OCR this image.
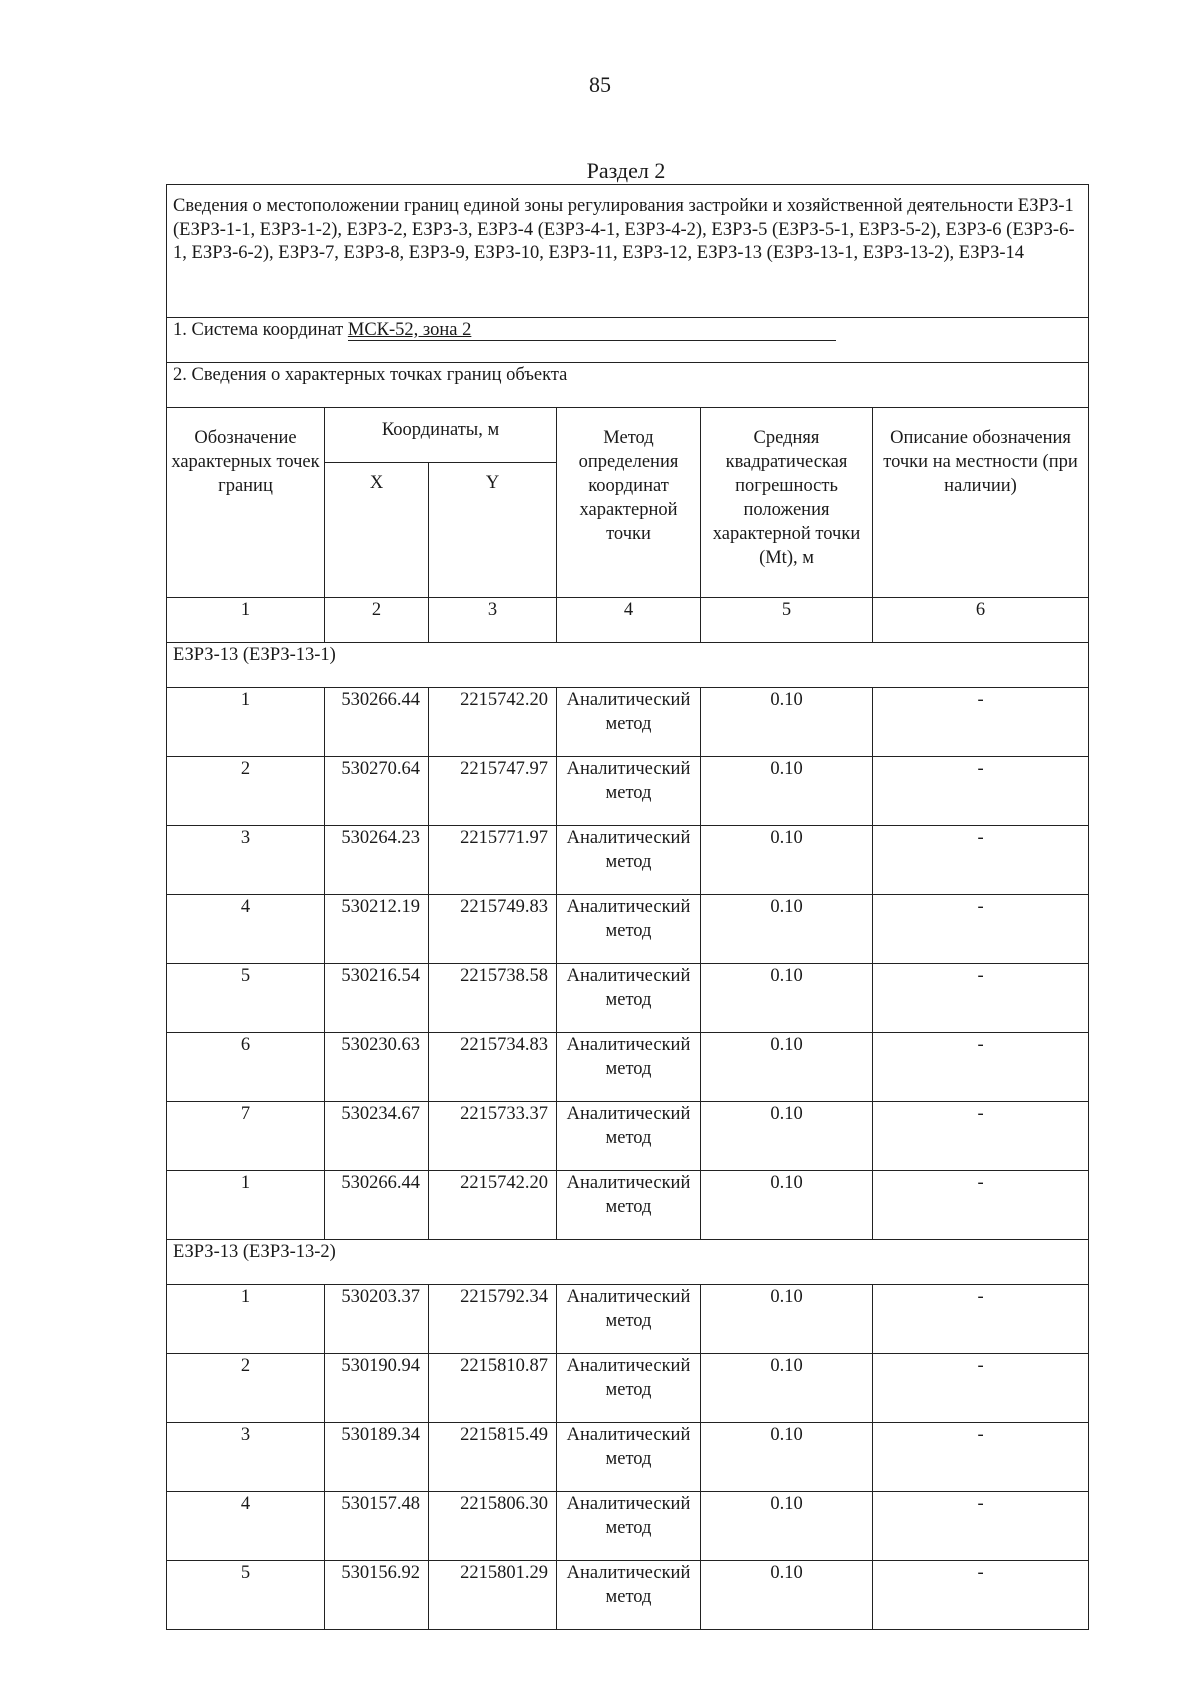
85
Раздел 2
Сведения о местоположении границ единой зоны регулирования застройки и хозяйственной деятельности ЕЗРЗ-1 (ЕЗРЗ-1-1, ЕЗРЗ-1-2), ЕЗРЗ-2, ЕЗРЗ-3, ЕЗРЗ-4 (ЕЗРЗ-4-1, ЕЗРЗ-4-2), ЕЗРЗ-5 (ЕЗРЗ-5-1, ЕЗРЗ-5-2), ЕЗРЗ-6 (ЕЗРЗ-6-1, ЕЗРЗ-6-2), ЕЗРЗ-7, ЕЗРЗ-8, ЕЗРЗ-9, ЕЗРЗ-10, ЕЗРЗ-11, ЕЗРЗ-12, ЕЗРЗ-13 (ЕЗРЗ-13-1, ЕЗРЗ-13-2), ЕЗРЗ-14					
1. Система координат МСК-52, зона 2					
2. Сведения о характерных точках границ объекта					
Обозначение характерных точек границ	Координаты, м		Метод определения координат характерной точки	Средняя квадратическая погрешность положения характерной точки (Mt), м	Описание обозначения точки на местности (при наличии)
	X	Y			
1	2	3	4	5	6
ЕЗРЗ-13 (ЕЗРЗ-13-1)					
1	530266.44	2215742.20	Аналитический метод	0.10	-
2	530270.64	2215747.97	Аналитический метод	0.10	-
3	530264.23	2215771.97	Аналитический метод	0.10	-
4	530212.19	2215749.83	Аналитический метод	0.10	-
5	530216.54	2215738.58	Аналитический метод	0.10	-
6	530230.63	2215734.83	Аналитический метод	0.10	-
7	530234.67	2215733.37	Аналитический метод	0.10	-
1	530266.44	2215742.20	Аналитический метод	0.10	-
ЕЗРЗ-13 (ЕЗРЗ-13-2)					
1	530203.37	2215792.34	Аналитический метод	0.10	-
2	530190.94	2215810.87	Аналитический метод	0.10	-
3	530189.34	2215815.49	Аналитический метод	0.10	-
4	530157.48	2215806.30	Аналитический метод	0.10	-
5	530156.92	2215801.29	Аналитический метод	0.10	-
